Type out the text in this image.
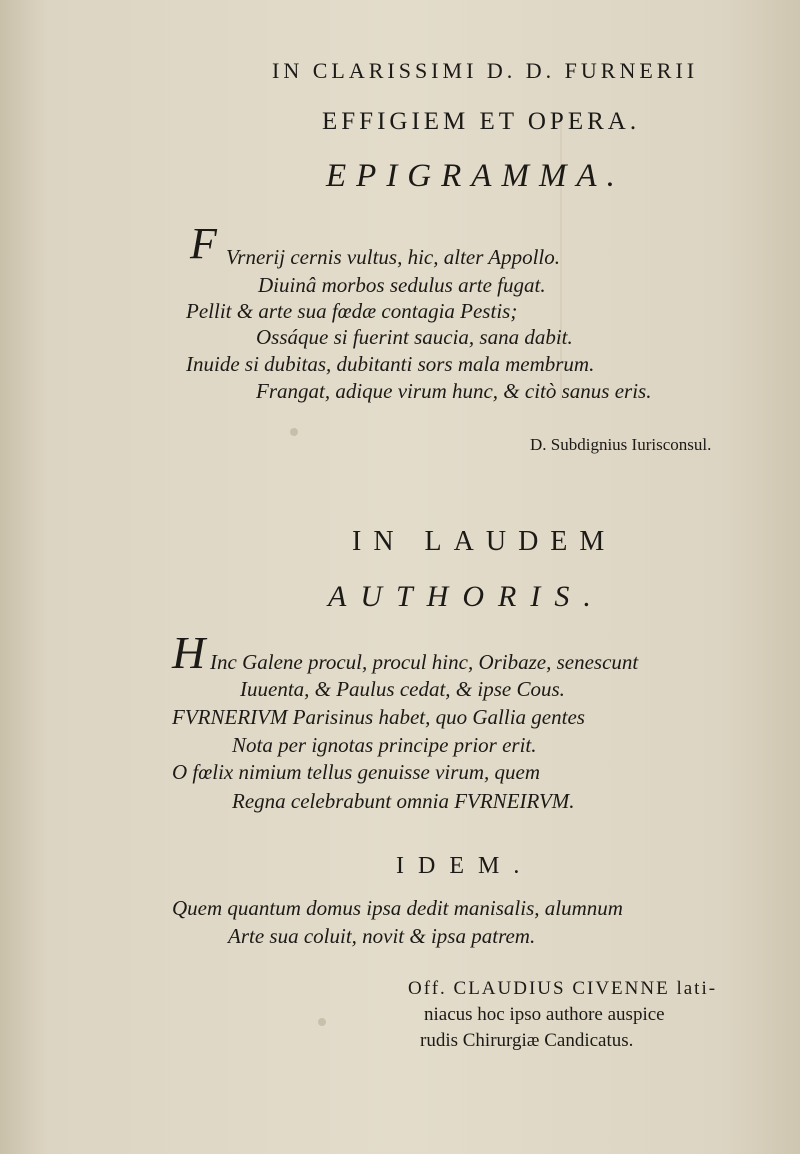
IN CLARISSIMI D. D. FURNERII
EFFIGIEM ET OPERA.
EPIGRAMMA.
F Vrnerij cernis vultus, hic, alter Appollo.
Diuinâ morbos sedulus arte fugat.
Pellit & arte sua fœdæ contagia Pestis;
Ossáque si fuerint saucia, sana dabit.
Inuide si dubitas, dubitanti sors mala membrum.
Frangat, adique virum hunc, & citò sanus eris.
D. Subdignius Iurisconsul.
IN LAUDEM
AUTHORIS.
H Inc Galene procul, procul hinc, Oribaze, senescunt
Iuuenta, & Paulus cedat, & ipse Cous.
FVRNERIVM Parisinus habet, quo Gallia gentes
Nota per ignotas principe prior erit.
O fœlix nimium tellus genuisse virum, quem
Regna celebrabunt omnia FVRNEIRVM.
IDEM.
Quem quantum domus ipsa dedit manisalis, alumnum
Arte sua coluit, novit & ipsa patrem.
Off. CLAUDIUS CIVENNE lati-
niacus hoc ipso authore auspice
rudis Chirurgiæ Candicatus.
